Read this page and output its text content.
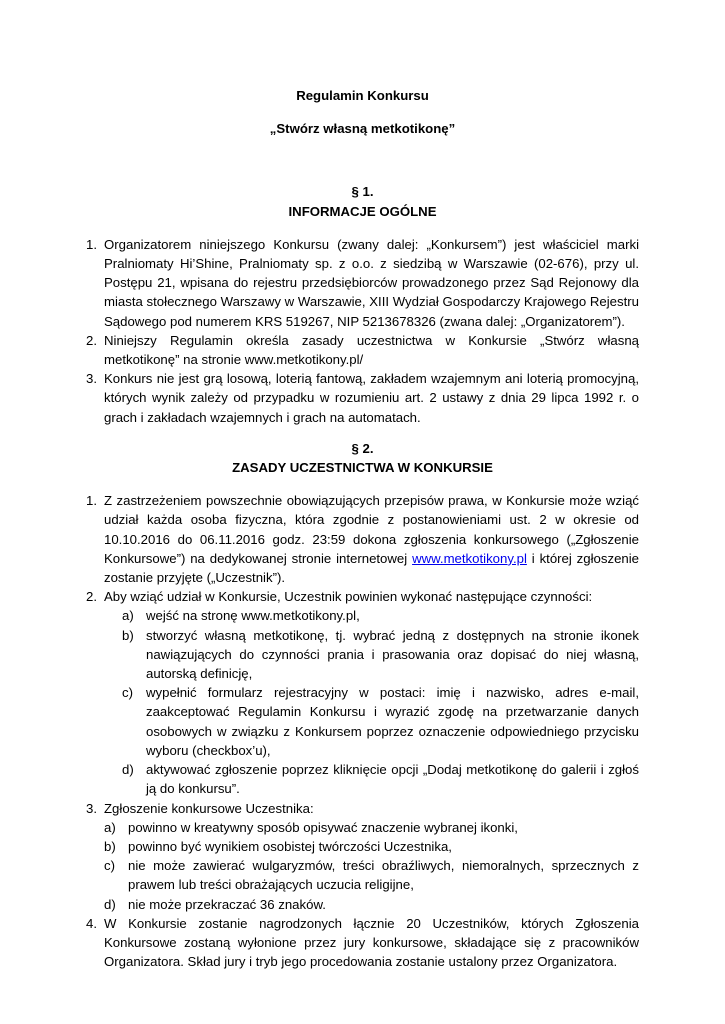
Regulamin Konkursu
„Stwórz własną metkotikonę”
§ 1.
INFORMACJE OGÓLNE
1. Organizatorem niniejszego Konkursu (zwany dalej: „Konkursem”) jest właściciel marki Pralniomaty Hi’Shine, Pralniomaty sp. z o.o. z siedzibą w Warszawie (02-676), przy ul. Postępu 21, wpisana do rejestru przedsiębiorców prowadzonego przez Sąd Rejonowy dla miasta stołecznego Warszawy w Warszawie, XIII Wydział Gospodarczy Krajowego Rejestru Sądowego pod numerem KRS 519267, NIP 5213678326 (zwana dalej: „Organizatorem”).
2. Niniejszy Regulamin określa zasady uczestnictwa w Konkursie „Stwórz własną metkotikonę” na stronie www.metkotikony.pl/
3. Konkurs nie jest grą losową, loterią fantową, zakładem wzajemnym ani loterią promocyjną, których wynik zależy od przypadku w rozumieniu art. 2 ustawy z dnia 29 lipca 1992 r. o grach i zakładach wzajemnych i grach na automatach.
§ 2.
ZASADY UCZESTNICTWA W KONKURSIE
1. Z zastrzeżeniem powszechnie obowiązujących przepisów prawa, w Konkursie może wziąć udział każda osoba fizyczna, która zgodnie z postanowieniami ust. 2 w okresie od 10.10.2016 do 06.11.2016 godz. 23:59 dokona zgłoszenia konkursowego („Zgłoszenie Konkursowe”) na dedykowanej stronie internetowej www.metkotikony.pl i której zgłoszenie zostanie przyjęte („Uczestnik”).
2. Aby wziąć udział w Konkursie, Uczestnik powinien wykonać następujące czynności:
a) wejść na stronę www.metkotikony.pl,
b) stworzyć własną metkotikonę, tj. wybrać jedną z dostępnych na stronie ikonek nawiązujących do czynności prania i prasowania oraz dopisać do niej własną, autorską definicję,
c) wypełnić formularz rejestracyjny w postaci: imię i nazwisko, adres e-mail, zaakceptować Regulamin Konkursu i wyrazić zgodę na przetwarzanie danych osobowych w związku z Konkursem poprzez oznaczenie odpowiedniego przycisku wyboru (checkbox’u),
d) aktywować zgłoszenie poprzez kliknięcie opcji „Dodaj metkotikonę do galerii i zgłoś ją do konkursu”.
3. Zgłoszenie konkursowe Uczestnika:
a) powinno w kreatywny sposób opisywać znaczenie wybranej ikonki,
b) powinno być wynikiem osobistej twórczości Uczestnika,
c) nie może zawierać wulgaryzmów, treści obraźliwych, niemoralnych, sprzecznych z prawem lub treści obrażających uczucia religijne,
d) nie może przekraczać 36 znaków.
4. W Konkursie zostanie nagrodzonych łącznie 20 Uczestników, których Zgłoszenia Konkursowe zostaną wyłonione przez jury konkursowe, składające się z pracowników Organizatora. Skład jury i tryb jego procedowania zostanie ustalony przez Organizatora.
